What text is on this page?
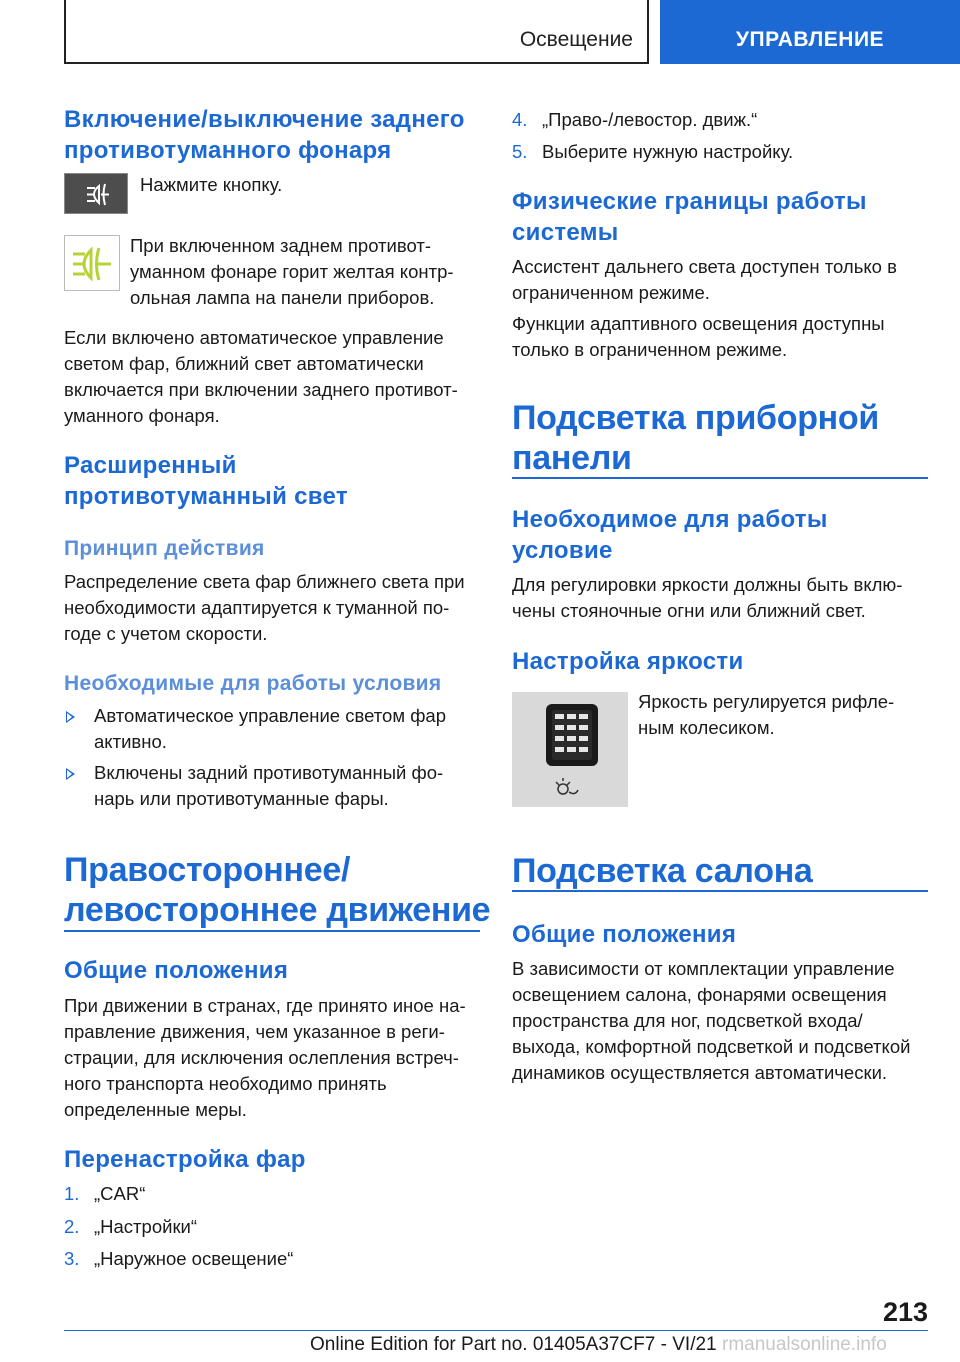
Освещение	УПРАВЛЕНИЕ
Включение/выключение заднего
противотуманного фонаря
Нажмите кнопку.
При включенном заднем противот-
уманном фонаре горит желтая контр-
ольная лампа на панели приборов.
Если включено автоматическое управление
светом фар, ближний свет автоматически
включается при включении заднего противот-
уманного фонаря.
Расширенный
противотуманный свет
Принцип действия
Распределение света фар ближнего света при
необходимости адаптируется к туманной по-
годе с учетом скорости.
Необходимые для работы условия
Автоматическое управление светом фар
активно.
Включены задний противотуманный фо-
нарь или противотуманные фары.
Правостороннее/
левостороннее движение
Общие положения
При движении в странах, где принято иное на-
правление движения, чем указанное в реги-
страции, для исключения ослепления встреч-
ного транспорта необходимо принять
определенные меры.
Перенастройка фар
1. „CAR“
2. „Настройки“
3. „Наружное освещение“
4. „Право-/левостор. движ.“
5. Выберите нужную настройку.
Физические границы работы
системы
Ассистент дальнего света доступен только в
ограниченном режиме.
Функции адаптивного освещения доступны
только в ограниченном режиме.
Подсветка приборной
панели
Необходимое для работы
условие
Для регулировки яркости должны быть вклю-
чены стояночные огни или ближний свет.
Настройка яркости
Яркость регулируется рифле-
ным колесиком.
Подсветка салона
Общие положения
В зависимости от комплектации управление
освещением салона, фонарями освещения
пространства для ног, подсветкой входа/
выхода, комфортной подсветкой и подсветкой
динамиков осуществляется автоматически.
213
Online Edition for Part no. 01405A37CF7 - VI/21 rmanualsonline.info
